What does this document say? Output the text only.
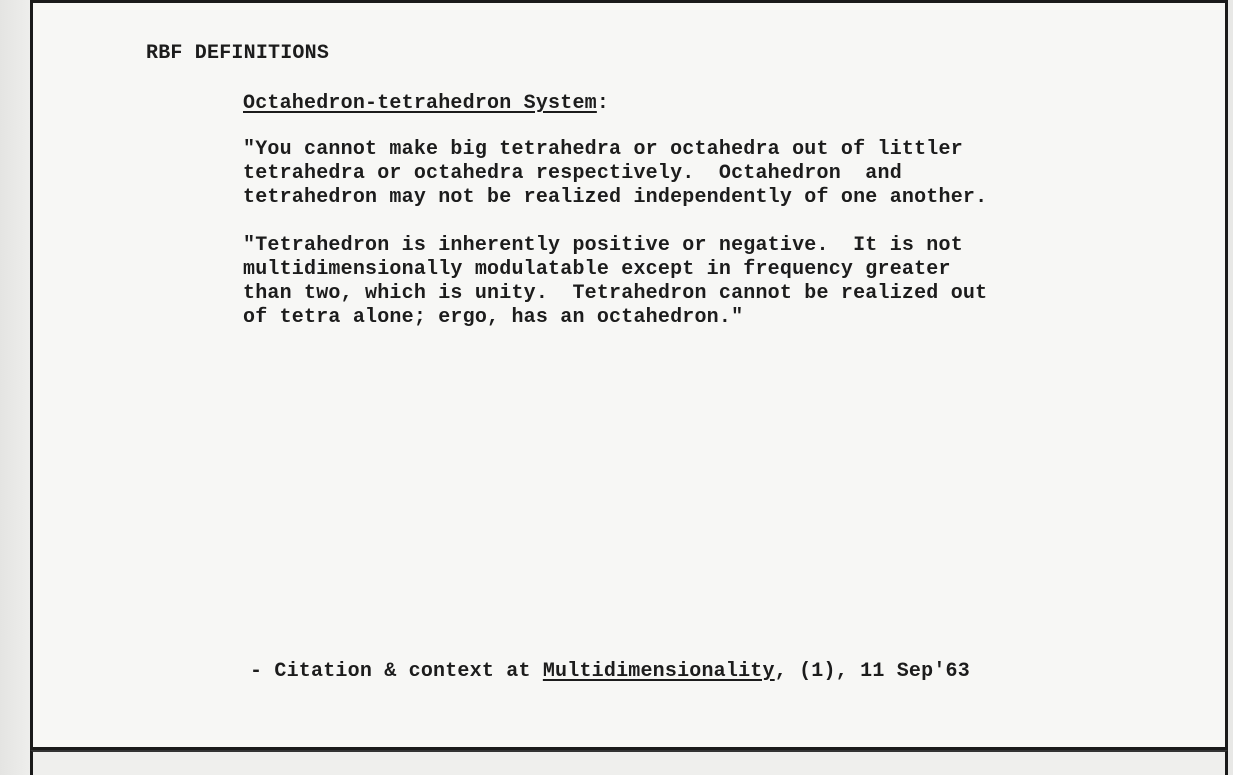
RBF DEFINITIONS
Octahedron-tetrahedron System:
"You cannot make big tetrahedra or octahedra out of littler
tetrahedra or octahedra respectively.  Octahedron  and
tetrahedron may not be realized independently of one another.
"Tetrahedron is inherently positive or negative.  It is not
multidimensionally modulatable except in frequency greater
than two, which is unity.  Tetrahedron cannot be realized out
of tetra alone; ergo, has an octahedron."
- Citation & context at Multidimensionality, (1), 11 Sep'63
